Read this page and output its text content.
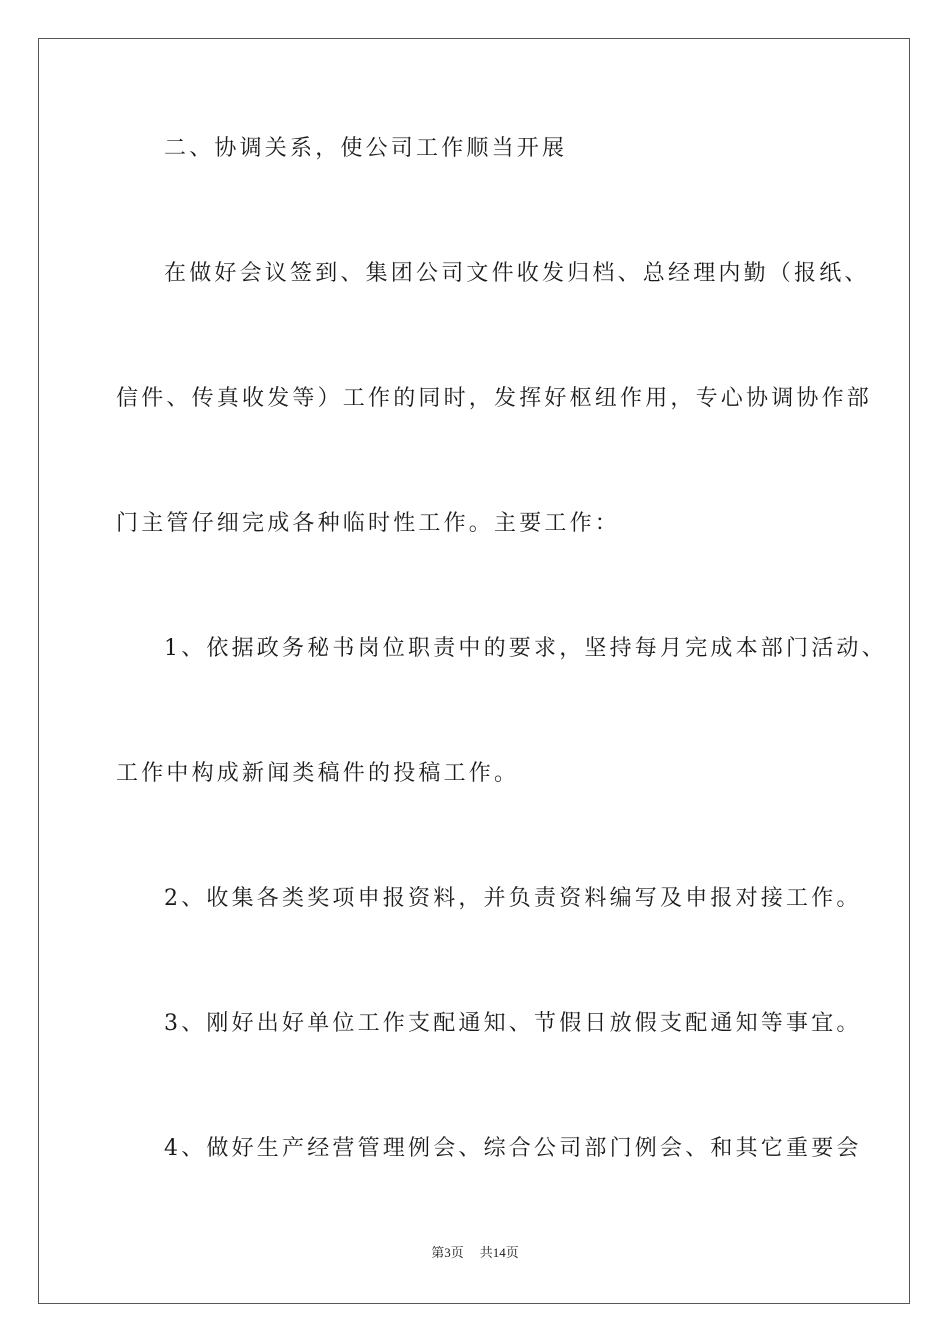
二、协调关系，使公司工作顺当开展
在做好会议签到、集团公司文件收发归档、总经理内勤（报纸、
信件、传真收发等）工作的同时，发挥好枢纽作用，专心协调协作部
门主管仔细完成各种临时性工作。主要工作：
1、依据政务秘书岗位职责中的要求，坚持每月完成本部门活动、
工作中构成新闻类稿件的投稿工作。
2、收集各类奖项申报资料，并负责资料编写及申报对接工作。
3、刚好出好单位工作支配通知、节假日放假支配通知等事宜。
4、做好生产经营管理例会、综合公司部门例会、和其它重要会
第3页 共14页
